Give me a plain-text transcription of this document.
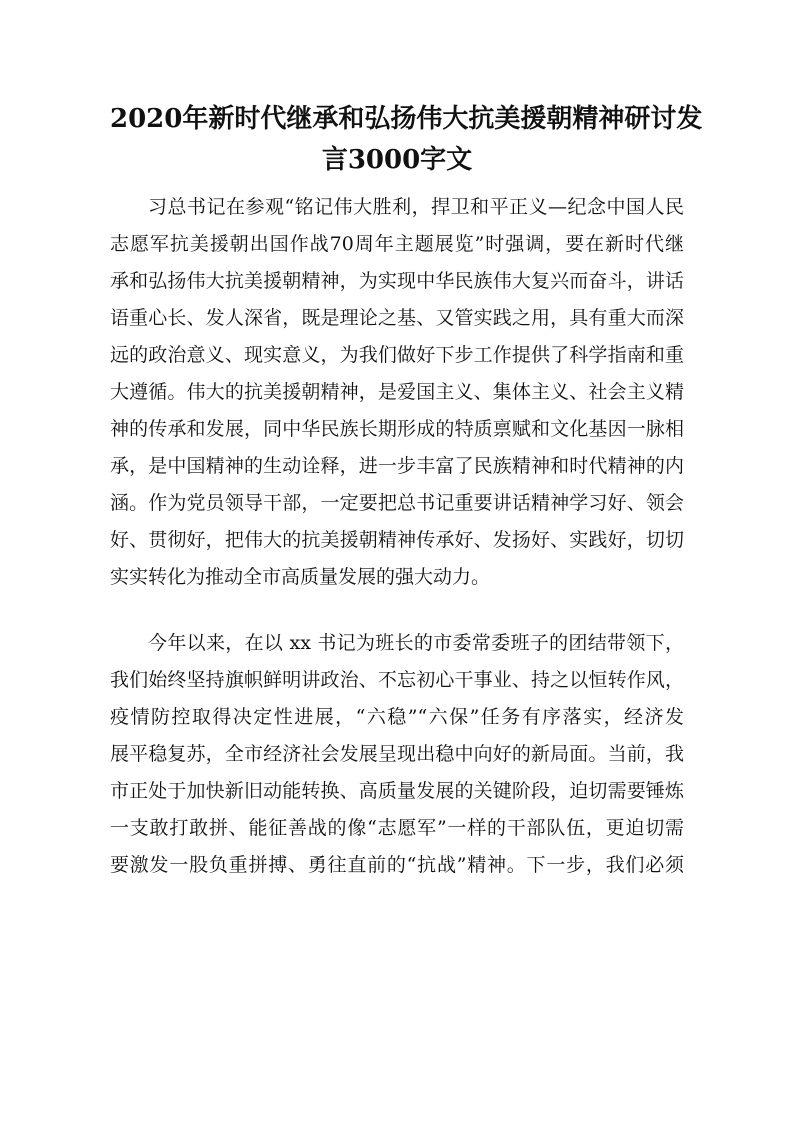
2020年新时代继承和弘扬伟大抗美援朝精神研讨发
言3000字文
习总书记在参观“铭记伟大胜利，捍卫和平正义—纪念中国人民
志愿军抗美援朝出国作战70周年主题展览”时强调，要在新时代继
承和弘扬伟大抗美援朝精神，为实现中华民族伟大复兴而奋斗，讲话
语重心长、发人深省，既是理论之基、又管实践之用，具有重大而深
远的政治意义、现实意义，为我们做好下步工作提供了科学指南和重
大遵循。伟大的抗美援朝精神，是爱国主义、集体主义、社会主义精
神的传承和发展，同中华民族长期形成的特质禀赋和文化基因一脉相
承，是中国精神的生动诠释，进一步丰富了民族精神和时代精神的内
涵。作为党员领导干部，一定要把总书记重要讲话精神学习好、领会
好、贯彻好，把伟大的抗美援朝精神传承好、发扬好、实践好，切切
实实转化为推动全市高质量发展的强大动力。
今年以来，在以 xx 书记为班长的市委常委班子的团结带领下，
我们始终坚持旗帜鲜明讲政治、不忘初心干事业、持之以恒转作风，
疫情防控取得决定性进展，“六稳”“六保”任务有序落实，经济发
展平稳复苏，全市经济社会发展呈现出稳中向好的新局面。当前，我
市正处于加快新旧动能转换、高质量发展的关键阶段，迫切需要锤炼
一支敢打敢拼、能征善战的像“志愿军”一样的干部队伍，更迫切需
要激发一股负重拼搏、勇往直前的“抗战”精神。下一步，我们必须
